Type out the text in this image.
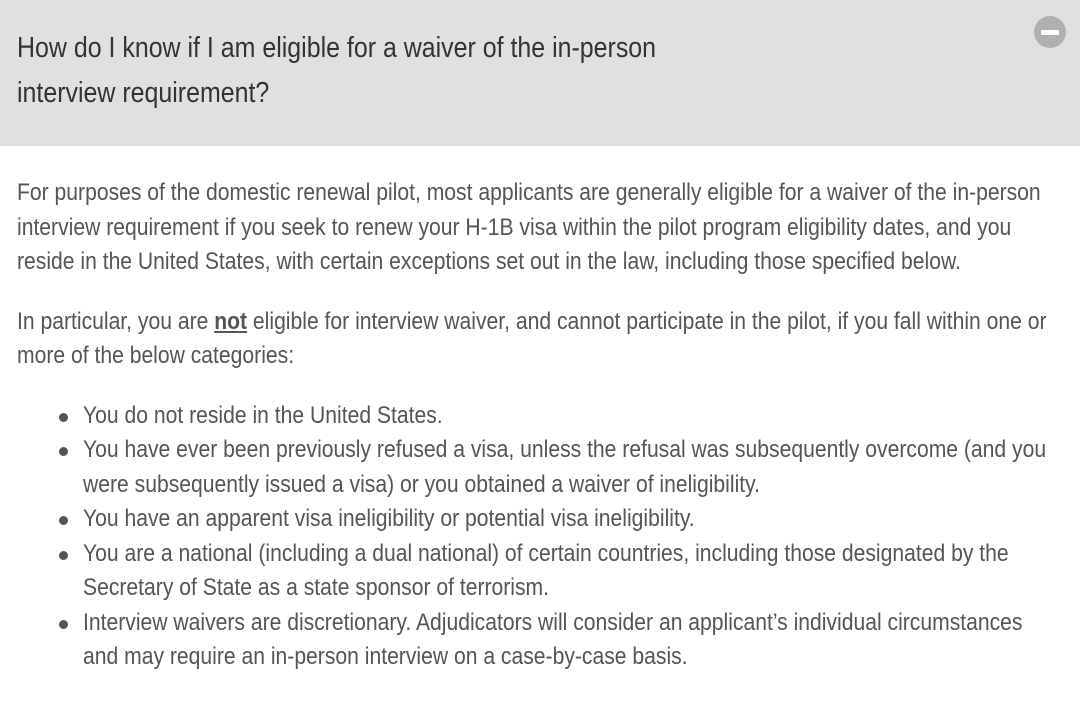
How do I know if I am eligible for a waiver of the in-person interview requirement?

For purposes of the domestic renewal pilot, most applicants are generally eligible for a waiver of the in-person interview requirement if you seek to renew your H-1B visa within the pilot program eligibility dates, and you reside in the United States, with certain exceptions set out in the law, including those specified below.

In particular, you are not eligible for interview waiver, and cannot participate in the pilot, if you fall within one or more of the below categories:

You do not reside in the United States.
You have ever been previously refused a visa, unless the refusal was subsequently overcome (and you were subsequently issued a visa) or you obtained a waiver of ineligibility.
You have an apparent visa ineligibility or potential visa ineligibility.
You are a national (including a dual national) of certain countries, including those designated by the Secretary of State as a state sponsor of terrorism.
Interview waivers are discretionary. Adjudicators will consider an applicant’s individual circumstances and may require an in-person interview on a case-by-case basis.
